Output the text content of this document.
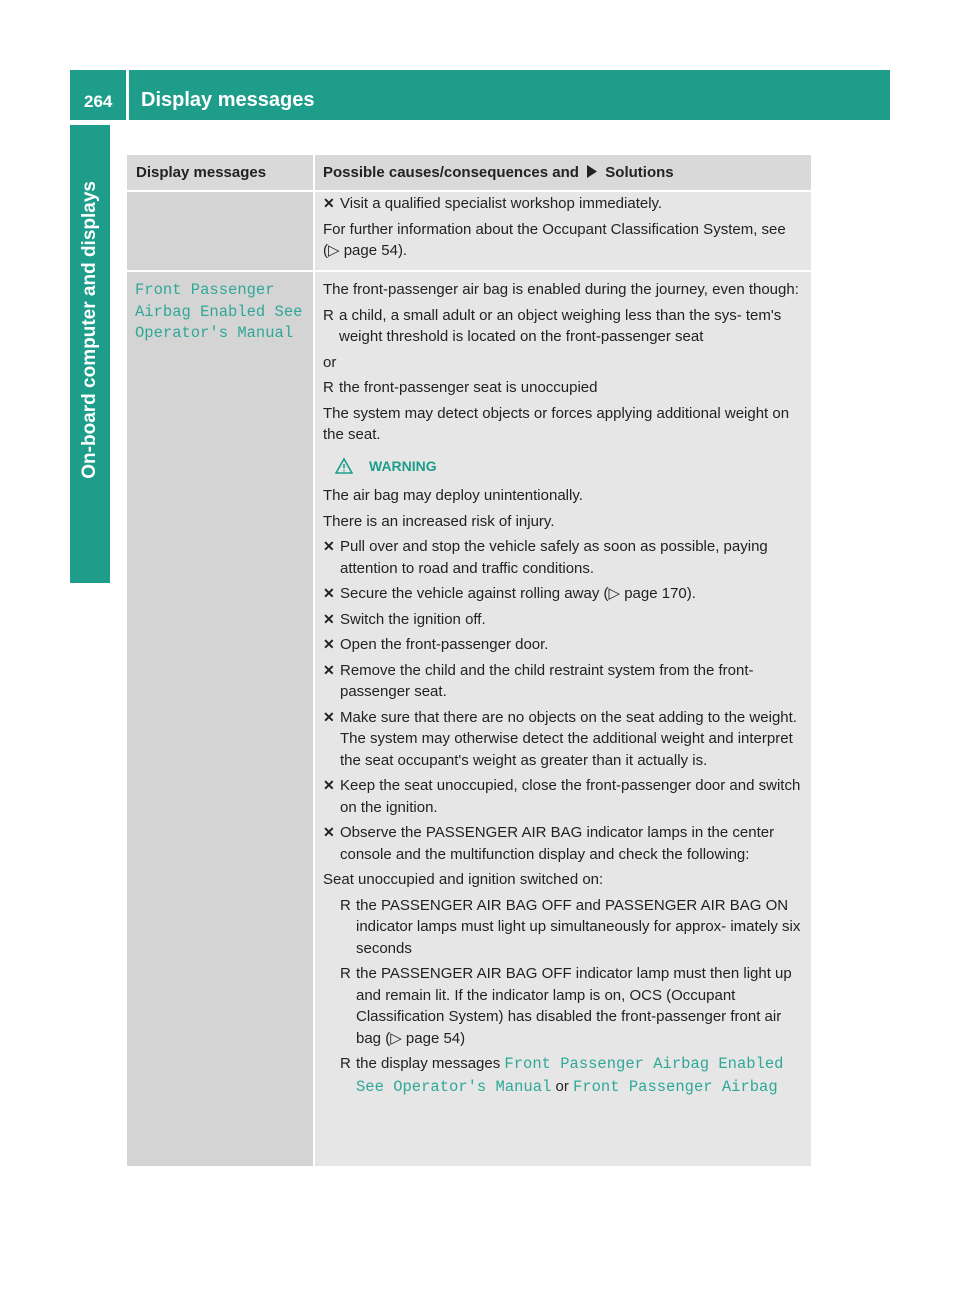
264 Display messages
On-board computer and displays
Display messages	Possible causes/consequences and Solutions
✕ Visit a qualified specialist workshop immediately.

For further information about the Occupant Classification System, see (▷ page 54).

Front Passenger Airbag Enabled See Operator's Manual

The front-passenger air bag is enabled during the journey, even though:

R a child, a small adult or an object weighing less than the sys- tem's weight threshold is located on the front-passenger seat

or

R the front-passenger seat is unoccupied

The system may detect objects or forces applying additional weight on the seat.

WARNING

The air bag may deploy unintentionally.

There is an increased risk of injury.

✕ Pull over and stop the vehicle safely as soon as possible, paying attention to road and traffic conditions.
✕ Secure the vehicle against rolling away (▷ page 170).
✕ Switch the ignition off.
✕ Open the front-passenger door.
✕ Remove the child and the child restraint system from the front- passenger seat.
✕ Make sure that there are no objects on the seat adding to the weight.
The system may otherwise detect the additional weight and interpret the seat occupant's weight as greater than it actually is.
✕ Keep the seat unoccupied, close the front-passenger door and switch on the ignition.
✕ Observe the PASSENGER AIR BAG indicator lamps in the center console and the multifunction display and check the following:

Seat unoccupied and ignition switched on:

R the PASSENGER AIR BAG OFF and PASSENGER AIR BAG ON indicator lamps must light up simultaneously for approx- imately six seconds
R the PASSENGER AIR BAG OFF indicator lamp must then light up and remain lit. If the indicator lamp is on, OCS (Occupant Classification System) has disabled the front-passenger front air bag (▷ page 54)
R the display messages Front Passenger Airbag Enabled See Operator's Manual or Front Passenger Airbag
